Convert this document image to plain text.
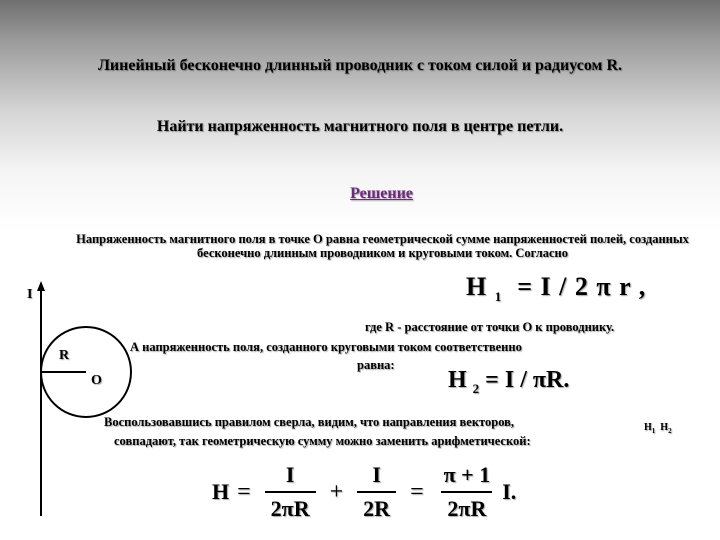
Линейный бесконечно длинный проводник с током силой и радиусом R.
Найти напряженность магнитного поля в центре петли.
Решение
Напряженность магнитного поля в точке О равна геометрической сумме напряженностей полей, созданных бесконечно длинным проводником и круговыми током. Согласно
H $_1$ = I / 2 π r ,
где R - расстояние от точки О к проводнику.
А напряженность поля, созданного круговыми током соответственно
равна:
H $_2$ = I / πR.
Воспользовавшись правилом сверла, видим, что направления векторов,
совпадают, так геометрическую сумму можно заменить арифметической:
$H_1$ $H_2$
I
R
O
$H = \frac{I}{2\pi R} + \frac{I}{2R} = \frac{\pi + 1}{2\pi R} I$.
